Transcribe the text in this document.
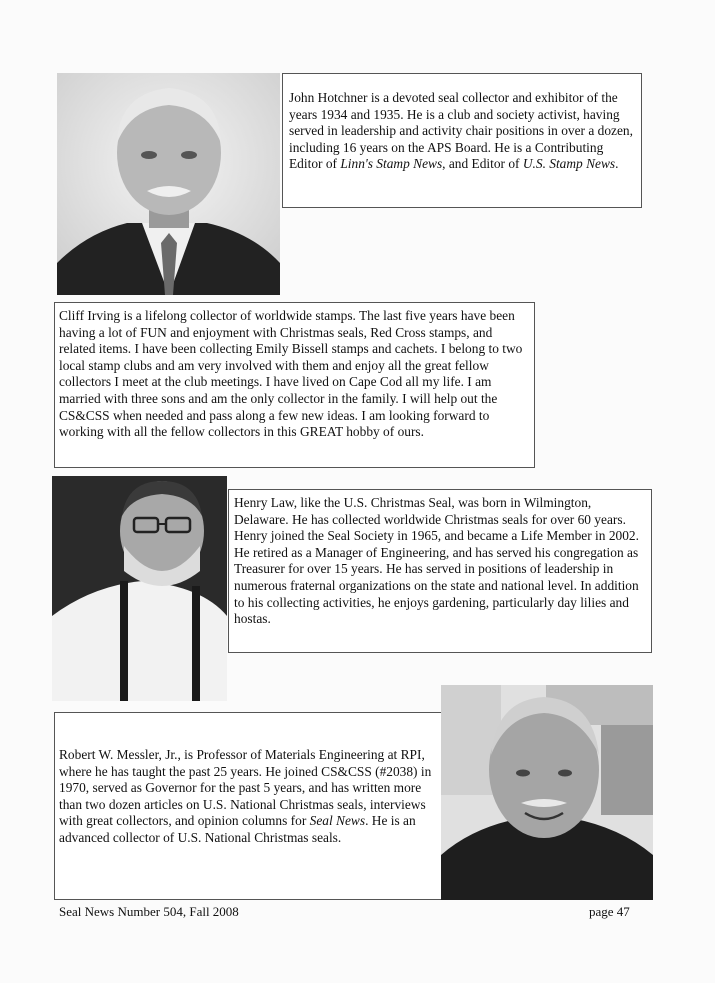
John Hotchner is a devoted seal collector and exhibitor of the years 1934 and 1935. He is a club and society activist, having served in leadership and activity chair positions in over a dozen, including 16 years on the APS Board. He is a Contributing Editor of Linn's Stamp News, and Editor of U.S. Stamp News.

Cliff Irving is a lifelong collector of worldwide stamps. The last five years have been having a lot of FUN and enjoyment with Christmas seals, Red Cross stamps, and related items. I have been collecting Emily Bissell stamps and cachets. I belong to two local stamp clubs and am very involved with them and enjoy all the great fellow collectors I meet at the club meetings. I have lived on Cape Cod all my life. I am married with three sons and am the only collector in the family. I will help out the CS&CSS when needed and pass along a few new ideas. I am looking forward to working with all the fellow collectors in this GREAT hobby of ours.

Henry Law, like the U.S. Christmas Seal, was born in Wilmington, Delaware. He has collected worldwide Christmas seals for over 60 years. Henry joined the Seal Society in 1965, and became a Life Member in 2002. He retired as a Manager of Engineering, and has served his congregation as Treasurer for over 15 years. He has served in positions of leadership in numerous fraternal organizations on the state and national level. In addition to his collecting activities, he enjoys gardening, particularly day lilies and hostas.

Robert W. Messler, Jr., is Professor of Materials Engineering at RPI, where he has taught the past 25 years. He joined CS&CSS (#2038) in 1970, served as Governor for the past 5 years, and has written more than two dozen articles on U.S. National Christmas seals, interviews with great collectors, and opinion columns for Seal News. He is an advanced collector of U.S. National Christmas seals.

Seal News Number 504, Fall 2008	page 47
